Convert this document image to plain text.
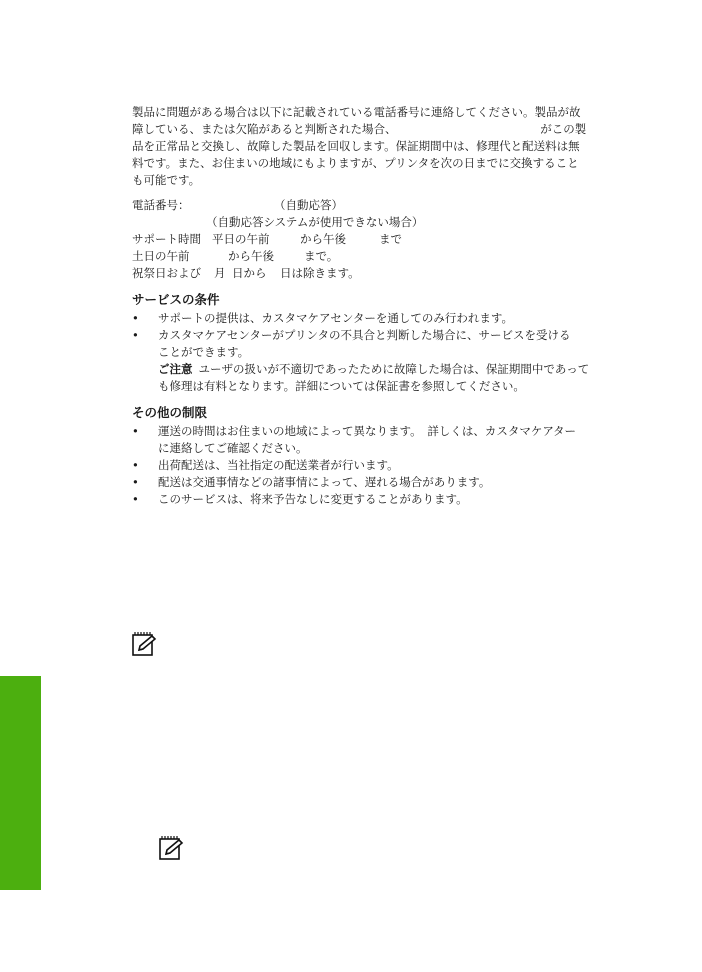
製品に問題がある場合は以下に記載されている電話番号に連絡してください。製品が故

障している、または欠陥があると判断された場合、　　　　　　　　　　　　　がこの製

品を正常品と交換し、故障した製品を回収します。保証期間中は、修理代と配送料は無

料です。また、お住まいの地域にもよりますが、プリンタを次の日までに交換すること

も可能です。

電話番号：	（自動応答）
（自動応答システムが使用できない場合）
サポート時間 平日の午前	から午後	まで
土日の午前	から午後	まで。
祝祭日および 月 日から 日は除きます。
サービスの条件
•	サポートの提供は、カスタマケアセンターを通してのみ行われます。
•	カスタマケアセンターがプリンタの不具合と判断した場合に、サービスを受ける
ことができます。
ご注意 ユーザの扱いが不適切であったために故障した場合は、保証期間中であって
も修理は有料となります。詳細については保証書を参照してください。
その他の制限
•	運送の時間はお住まいの地域によって異なります。　詳しくは、カスタマケアター
に連絡してご確認ください。
•	出荷配送は、当社指定の配送業者が行います。
•	配送は交通事情などの諸事情によって、遅れる場合があります。
•	このサービスは、将来予告なしに変更することがあります。
